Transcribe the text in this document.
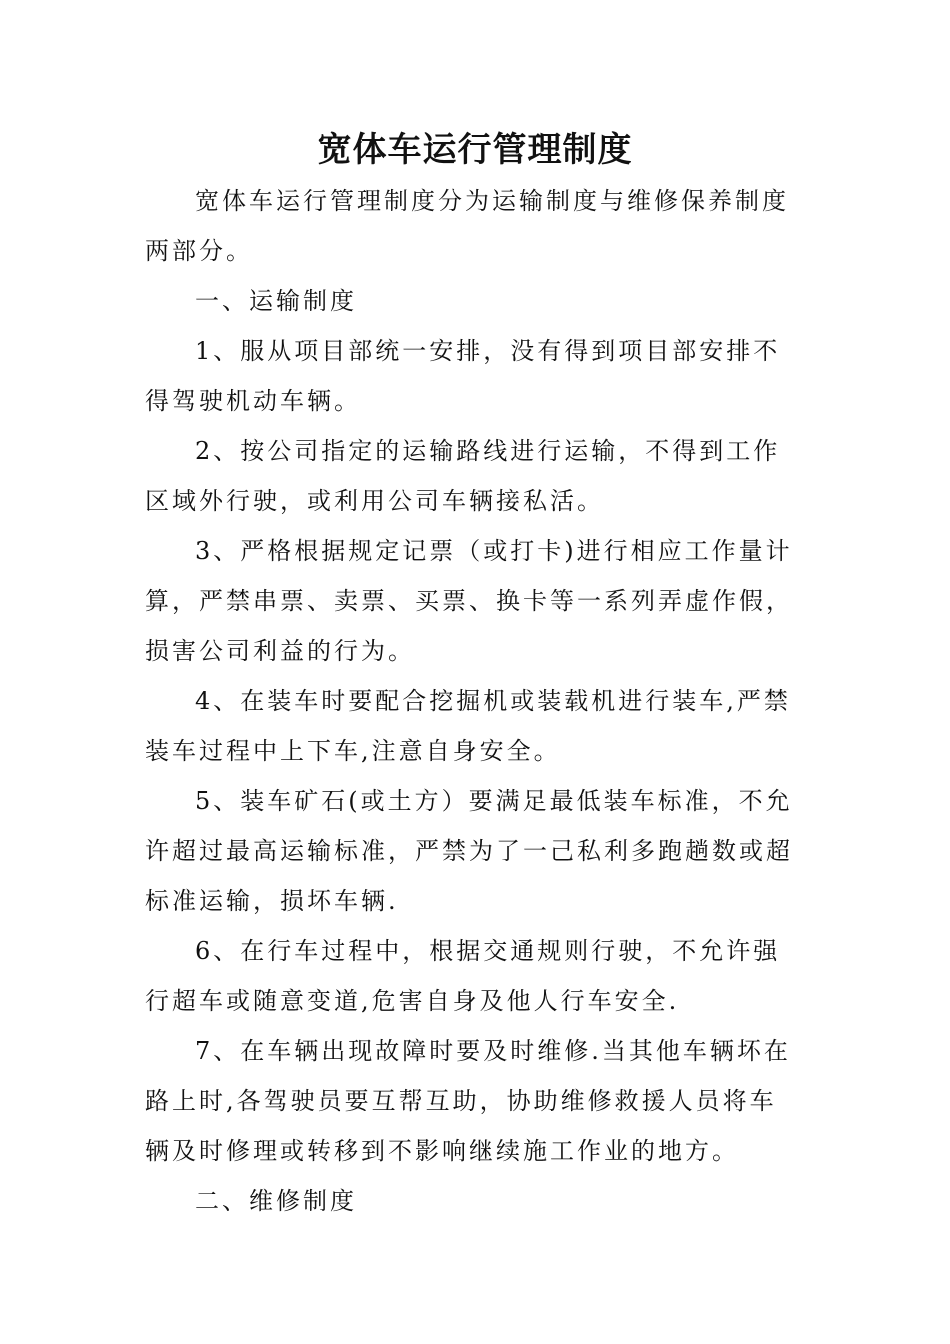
宽体车运行管理制度

宽体车运行管理制度分为运输制度与维修保养制度两部分。

一、运输制度

1、服从项目部统一安排，没有得到项目部安排不得驾驶机动车辆。

2、按公司指定的运输路线进行运输，不得到工作区域外行驶，或利用公司车辆接私活。

3、严格根据规定记票（或打卡)进行相应工作量计算，严禁串票、卖票、买票、换卡等一系列弄虚作假，损害公司利益的行为。

4、在装车时要配合挖掘机或装载机进行装车,严禁装车过程中上下车,注意自身安全。

5、装车矿石(或土方）要满足最低装车标准，不允许超过最高运输标准，严禁为了一己私利多跑趟数或超标准运输，损坏车辆.

6、在行车过程中，根据交通规则行驶，不允许强行超车或随意变道,危害自身及他人行车安全.

7、在车辆出现故障时要及时维修.当其他车辆坏在路上时,各驾驶员要互帮互助，协助维修救援人员将车辆及时修理或转移到不影响继续施工作业的地方。

二、维修制度
